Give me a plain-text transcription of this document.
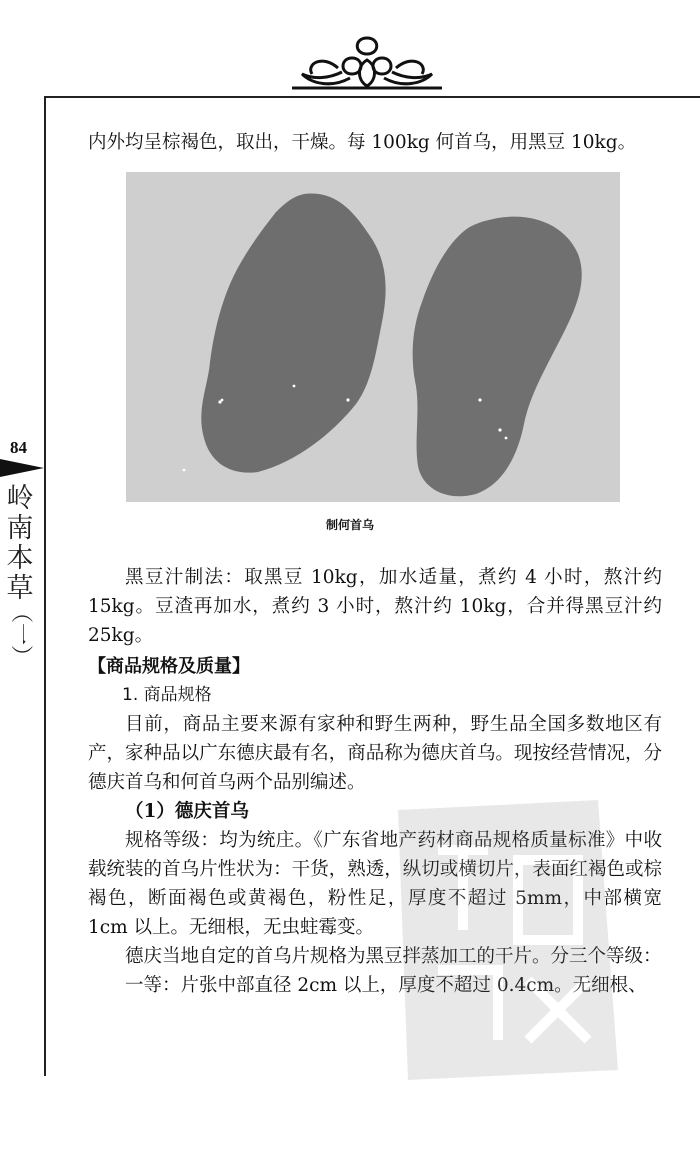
84
岭
南
本
草
（一）

内外均呈棕褐色，取出，干燥。每 100kg 何首乌，用黑豆 10kg。

制何首乌

黑豆汁制法：取黑豆 10kg，加水适量，煮约 4 小时，熬汁约 15kg。豆渣再加水，煮约 3 小时，熬汁约 10kg，合并得黑豆汁约 25kg。

【商品规格及质量】

1. 商品规格

目前，商品主要来源有家种和野生两种，野生品全国多数地区有产，家种品以广东德庆最有名，商品称为德庆首乌。现按经营情况，分德庆首乌和何首乌两个品别编述。

（1）德庆首乌

规格等级：均为统庄。《广东省地产药材商品规格质量标准》中收载统装的首乌片性状为：干货，熟透，纵切或横切片，表面红褐色或棕褐色，断面褐色或黄褐色，粉性足，厚度不超过 5mm，中部横宽 1cm 以上。无细根，无虫蛀霉变。

德庆当地自定的首乌片规格为黑豆拌蒸加工的干片。分三个等级：

一等：片张中部直径 2cm 以上，厚度不超过 0.4cm。无细根、
